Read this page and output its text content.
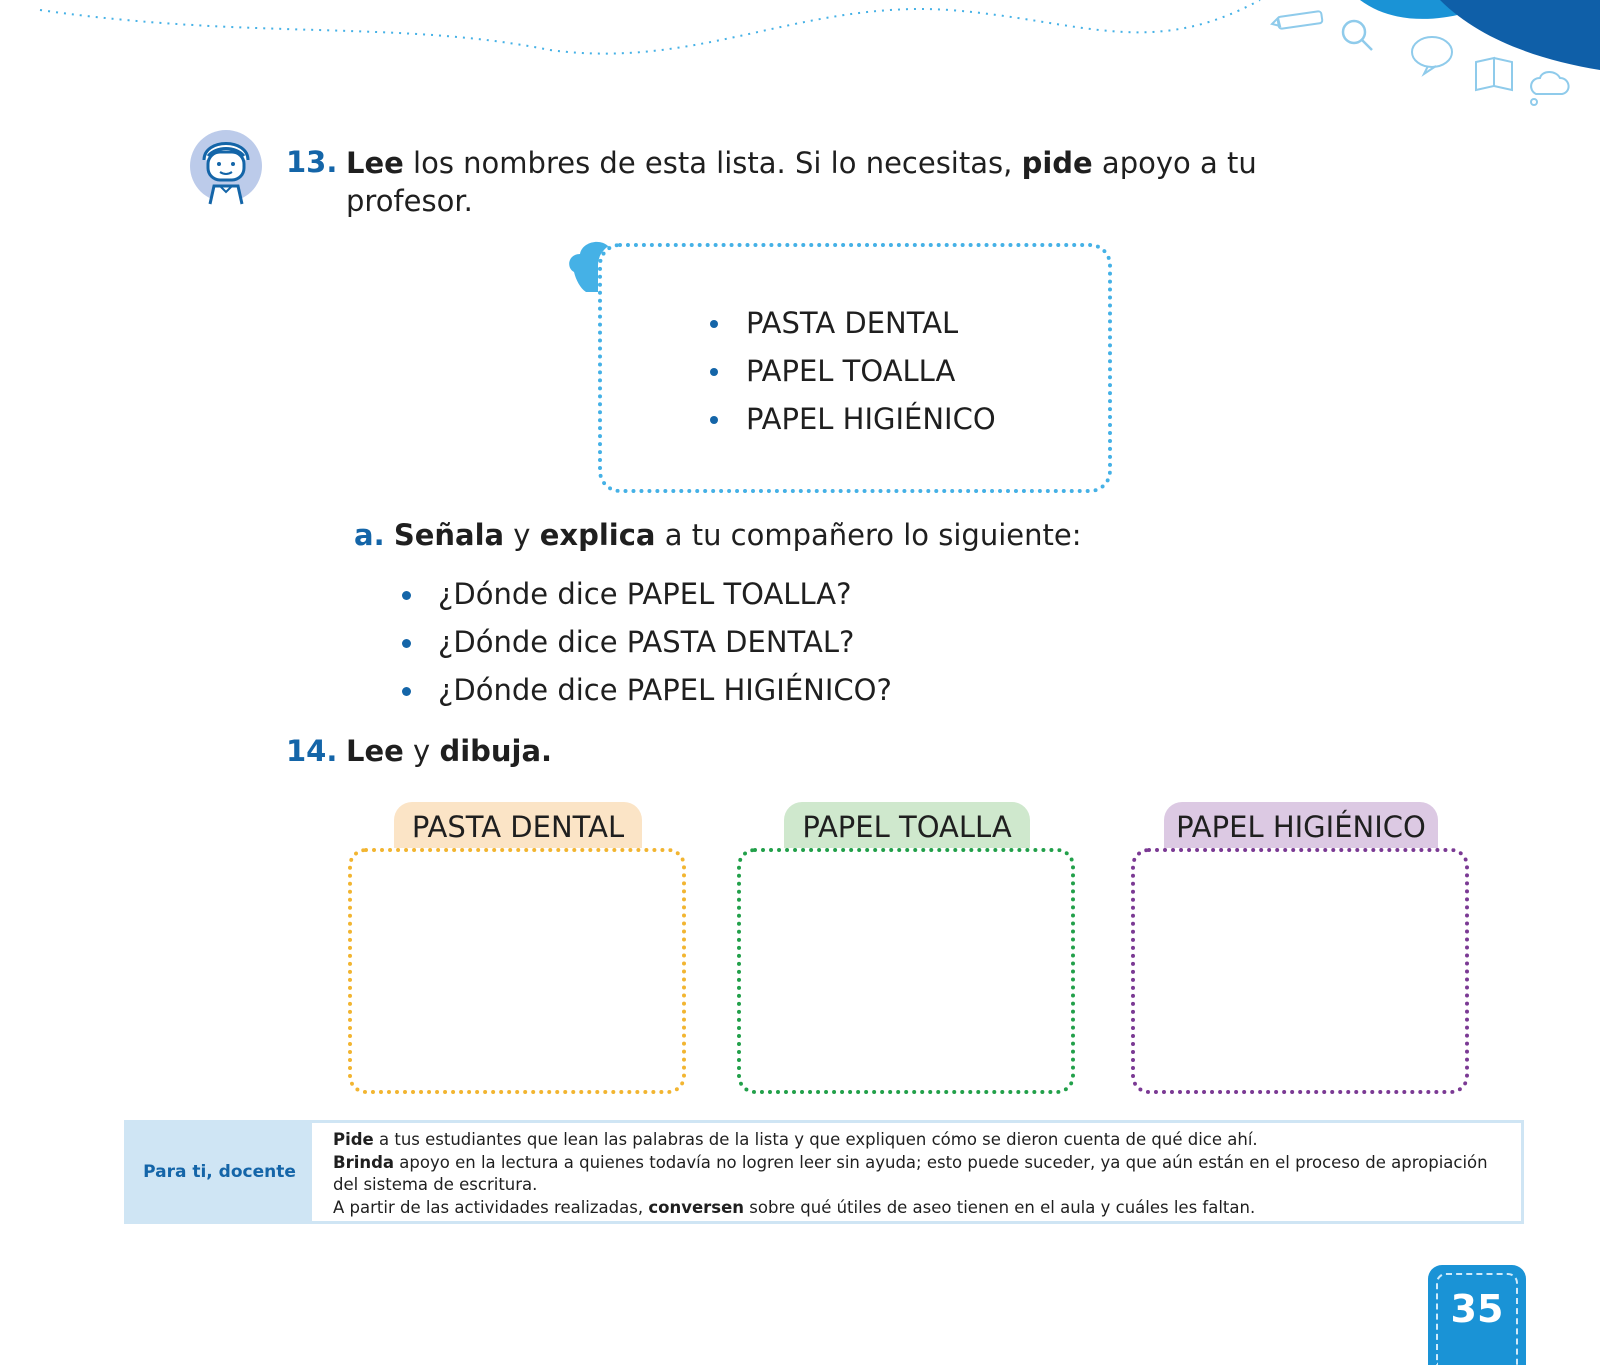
13. Lee los nombres de esta lista. Si lo necesitas, pide apoyo a tu
profesor.
PASTA DENTAL
PAPEL TOALLA
PAPEL HIGIÉNICO
a. Señala y explica a tu compañero lo siguiente:
¿Dónde dice PAPEL TOALLA?
¿Dónde dice PASTA DENTAL?
¿Dónde dice PAPEL HIGIÉNICO?
14. Lee y dibuja.
PASTA DENTAL	PAPEL TOALLA	PAPEL HIGIÉNICO
Para ti, docente
Pide a tus estudiantes que lean las palabras de la lista y que expliquen cómo se dieron cuenta de qué dice ahí.
Brinda apoyo en la lectura a quienes todavía no logren leer sin ayuda; esto puede suceder, ya que aún están en el proceso de apropiación del sistema de escritura.
A partir de las actividades realizadas, conversen sobre qué útiles de aseo tienen en el aula y cuáles les faltan.
35
